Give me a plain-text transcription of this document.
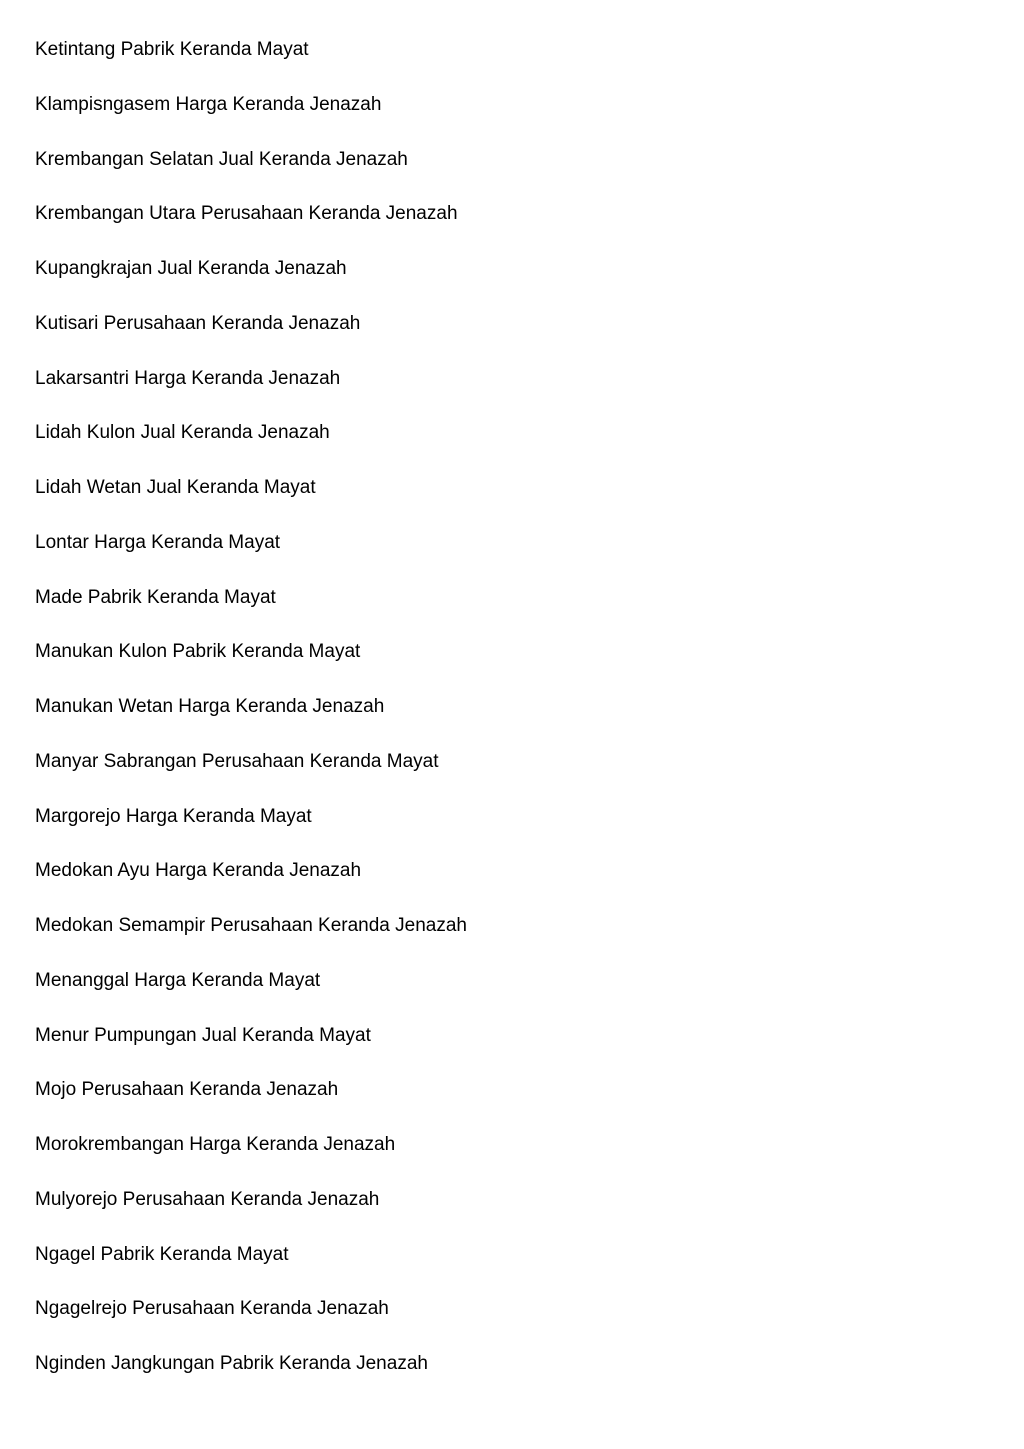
Ketintang Pabrik Keranda Mayat
Klampisngasem Harga Keranda Jenazah
Krembangan Selatan Jual Keranda Jenazah
Krembangan Utara Perusahaan Keranda Jenazah
Kupangkrajan Jual Keranda Jenazah
Kutisari Perusahaan Keranda Jenazah
Lakarsantri Harga Keranda Jenazah
Lidah Kulon Jual Keranda Jenazah
Lidah Wetan Jual Keranda Mayat
Lontar Harga Keranda Mayat
Made Pabrik Keranda Mayat
Manukan Kulon Pabrik Keranda Mayat
Manukan Wetan Harga Keranda Jenazah
Manyar Sabrangan Perusahaan Keranda Mayat
Margorejo Harga Keranda Mayat
Medokan Ayu Harga Keranda Jenazah
Medokan Semampir Perusahaan Keranda Jenazah
Menanggal Harga Keranda Mayat
Menur Pumpungan Jual Keranda Mayat
Mojo Perusahaan Keranda Jenazah
Morokrembangan Harga Keranda Jenazah
Mulyorejo Perusahaan Keranda Jenazah
Ngagel Pabrik Keranda Mayat
Ngagelrejo Perusahaan Keranda Jenazah
Nginden Jangkungan Pabrik Keranda Jenazah
